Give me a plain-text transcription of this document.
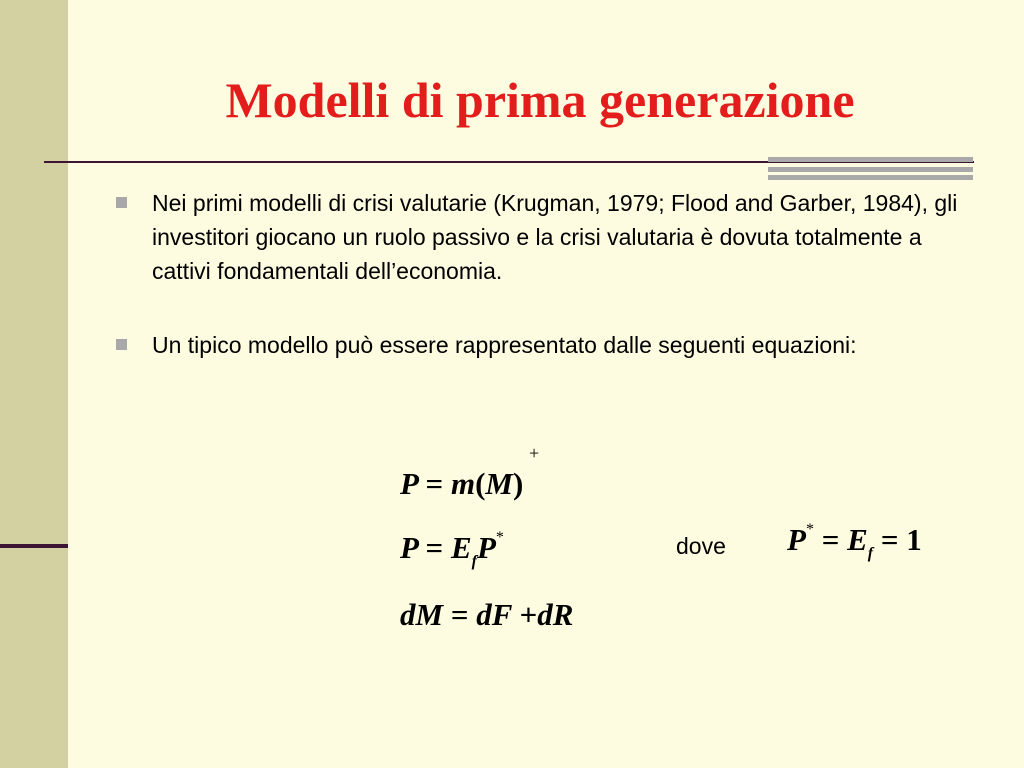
Modelli di prima generazione
Nei primi modelli di crisi valutarie (Krugman, 1979; Flood and Garber, 1984), gli investitori giocano un ruolo passivo e la crisi valutaria è dovuta totalmente a cattivi fondamentali dell’economia.
Un tipico modello può essere rappresentato dalle seguenti equazioni:
+
P = m(M)
$P = E_fP^*$	dove $P^* = E_f = 1$
dM = dF +dR
